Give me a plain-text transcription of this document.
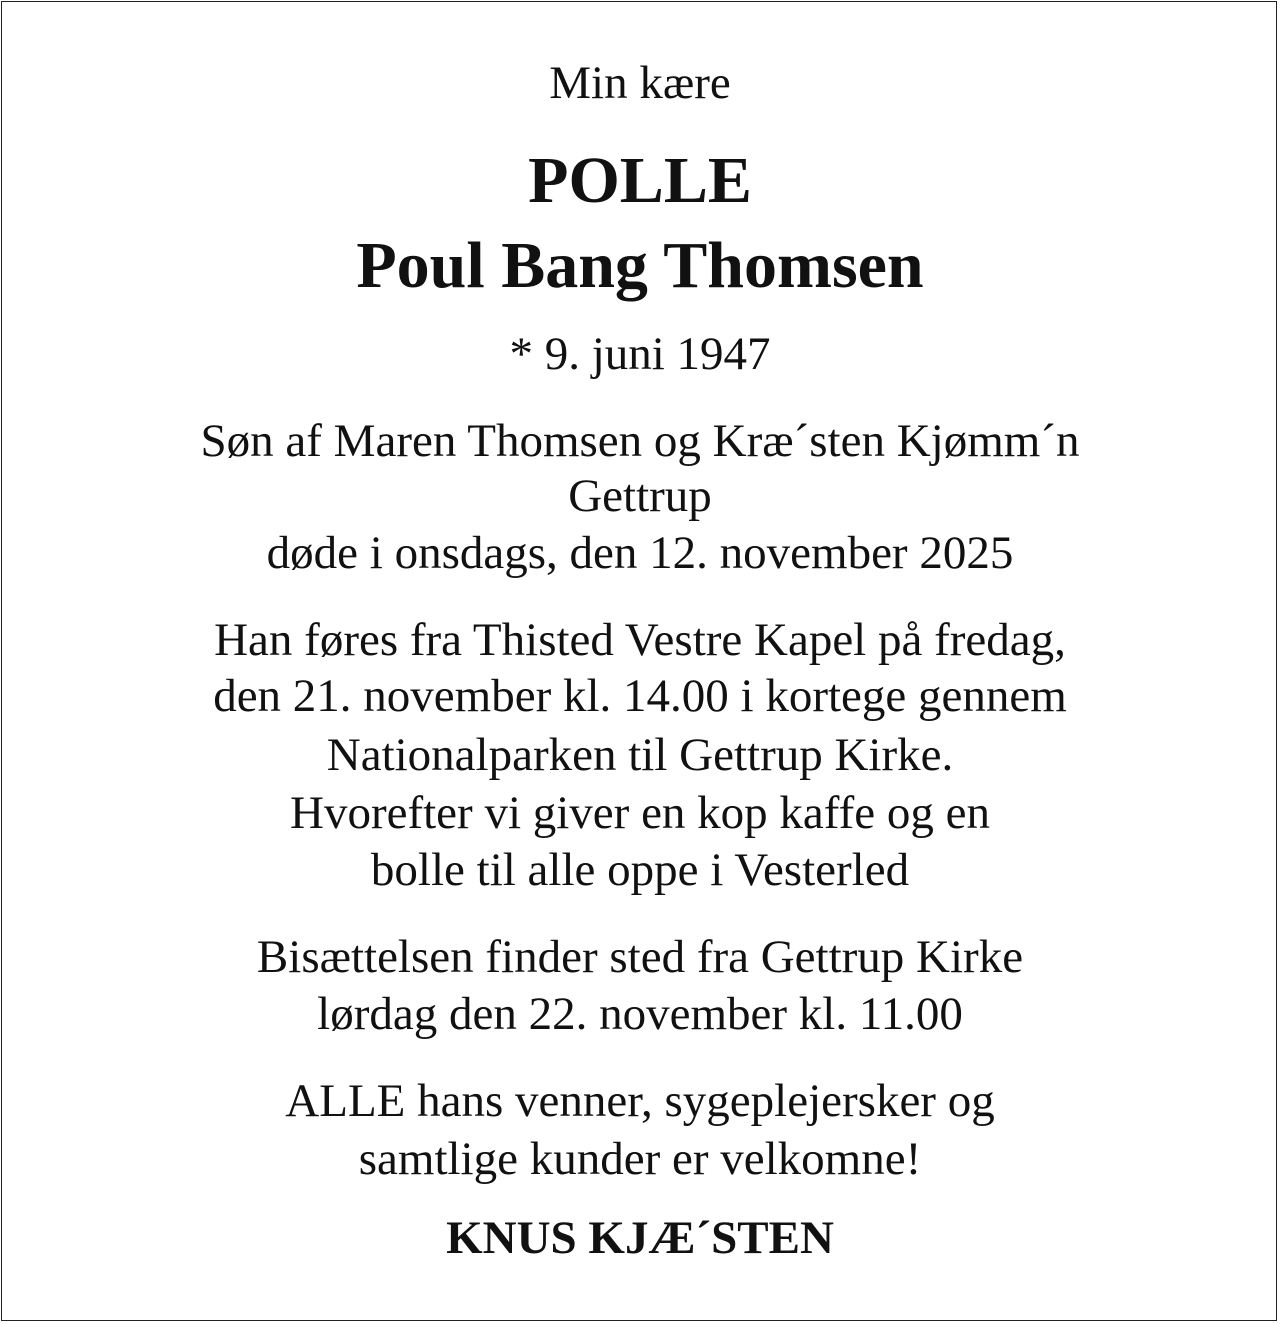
Min kære
POLLE
Poul Bang Thomsen
* 9. juni 1947
Søn af Maren Thomsen og Kræ´sten Kjømm´n
Gettrup
døde i onsdags, den 12. november 2025
Han føres fra Thisted Vestre Kapel på fredag,
den 21. november kl. 14.00 i kortege gennem
Nationalparken til Gettrup Kirke.
Hvorefter vi giver en kop kaffe og en
bolle til alle oppe i Vesterled
Bisættelsen finder sted fra Gettrup Kirke
lørdag den 22. november kl. 11.00
ALLE hans venner, sygeplejersker og
samtlige kunder er velkomne!
KNUS KJÆ´STEN
